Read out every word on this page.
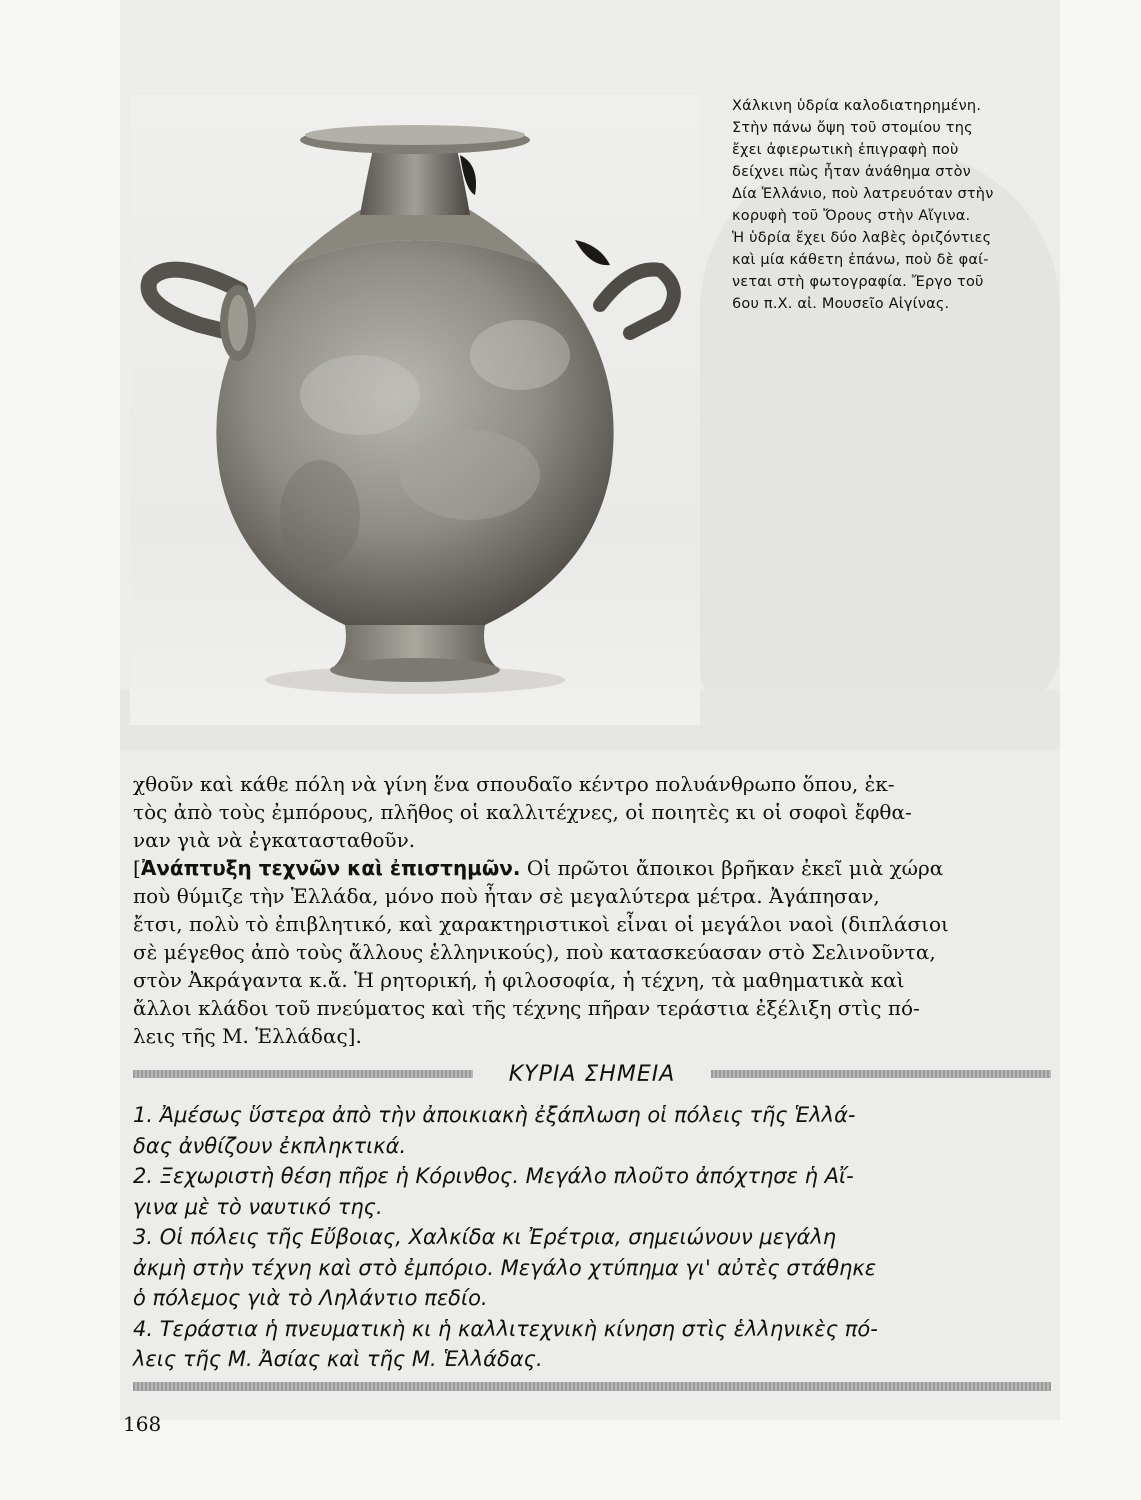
Χάλκινη ὑδρία καλοδιατηρημένη.
Στὴν πάνω ὄψη τοῦ στομίου της
ἔχει ἀφιερωτικὴ ἐπιγραφὴ ποὺ
δείχνει πὼς ἦταν ἀνάθημα στὸν
Δία Ἑλλάνιο, ποὺ λατρευόταν στὴν
κορυφὴ τοῦ Ὄρους στὴν Αἴγινα.
Ἡ ὑδρία ἔχει δύο λαβὲς ὁριζόντιες
καὶ μία κάθετη ἐπάνω, ποὺ δὲ φαί-
νεται στὴ φωτογραφία. Ἔργο τοῦ
6ου π.Χ. αἰ. Μουσεῖο Αἰγίνας.
χθοῦν καὶ κάθε πόλη νὰ γίνη ἕνα σπουδαῖο κέντρο πολυάνθρωπο ὅπου, ἐκ-
τὸς ἀπὸ τοὺς ἐμπόρους, πλῆθος οἱ καλλιτέχνες, οἱ ποιητὲς κι οἱ σοφοὶ ἔφθα-
ναν γιὰ νὰ ἐγκατασταθοῦν.
[Ἀνάπτυξη τεχνῶν καὶ ἐπιστημῶν. Οἱ πρῶτοι ἄποικοι βρῆκαν ἐκεῖ μιὰ χώρα
ποὺ θύμιζε τὴν Ἑλλάδα, μόνο ποὺ ἦταν σὲ μεγαλύτερα μέτρα. Ἀγάπησαν,
ἔτσι, πολὺ τὸ ἐπιβλητικό, καὶ χαρακτηριστικοὶ εἶναι οἱ μεγάλοι ναοὶ (διπλάσιοι
σὲ μέγεθος ἀπὸ τοὺς ἄλλους ἑλληνικούς), ποὺ κατασκεύασαν στὸ Σελινοῦντα,
στὸν Ἀκράγαντα κ.ἄ. Ἡ ρητορική, ἡ φιλοσοφία, ἡ τέχνη, τὰ μαθηματικὰ καὶ
ἄλλοι κλάδοι τοῦ πνεύματος καὶ τῆς τέχνης πῆραν τεράστια ἐξέλιξη στὶς πό-
λεις τῆς Μ. Ἑλλάδας].
ΚΥΡΙΑ ΣΗΜΕΙΑ
1. Ἀμέσως ὕστερα ἀπὸ τὴν ἀποικιακὴ ἐξάπλωση οἱ πόλεις τῆς Ἑλλά-
δας ἀνθίζουν ἐκπληκτικά.
2. Ξεχωριστὴ θέση πῆρε ἡ Κόρινθος. Μεγάλο πλοῦτο ἀπόχτησε ἡ Αἴ-
γινα μὲ τὸ ναυτικό της.
3. Οἱ πόλεις τῆς Εὔβοιας, Χαλκίδα κι Ἐρέτρια, σημειώνουν μεγάλη
ἀκμὴ στὴν τέχνη καὶ στὸ ἐμπόριο. Μεγάλο χτύπημα γι' αὐτὲς στάθηκε
ὁ πόλεμος γιὰ τὸ Ληλάντιο πεδίο.
4. Τεράστια ἡ πνευματικὴ κι ἡ καλλιτεχνικὴ κίνηση στὶς ἑλληνικὲς πό-
λεις τῆς Μ. Ἀσίας καὶ τῆς Μ. Ἑλλάδας.
168
